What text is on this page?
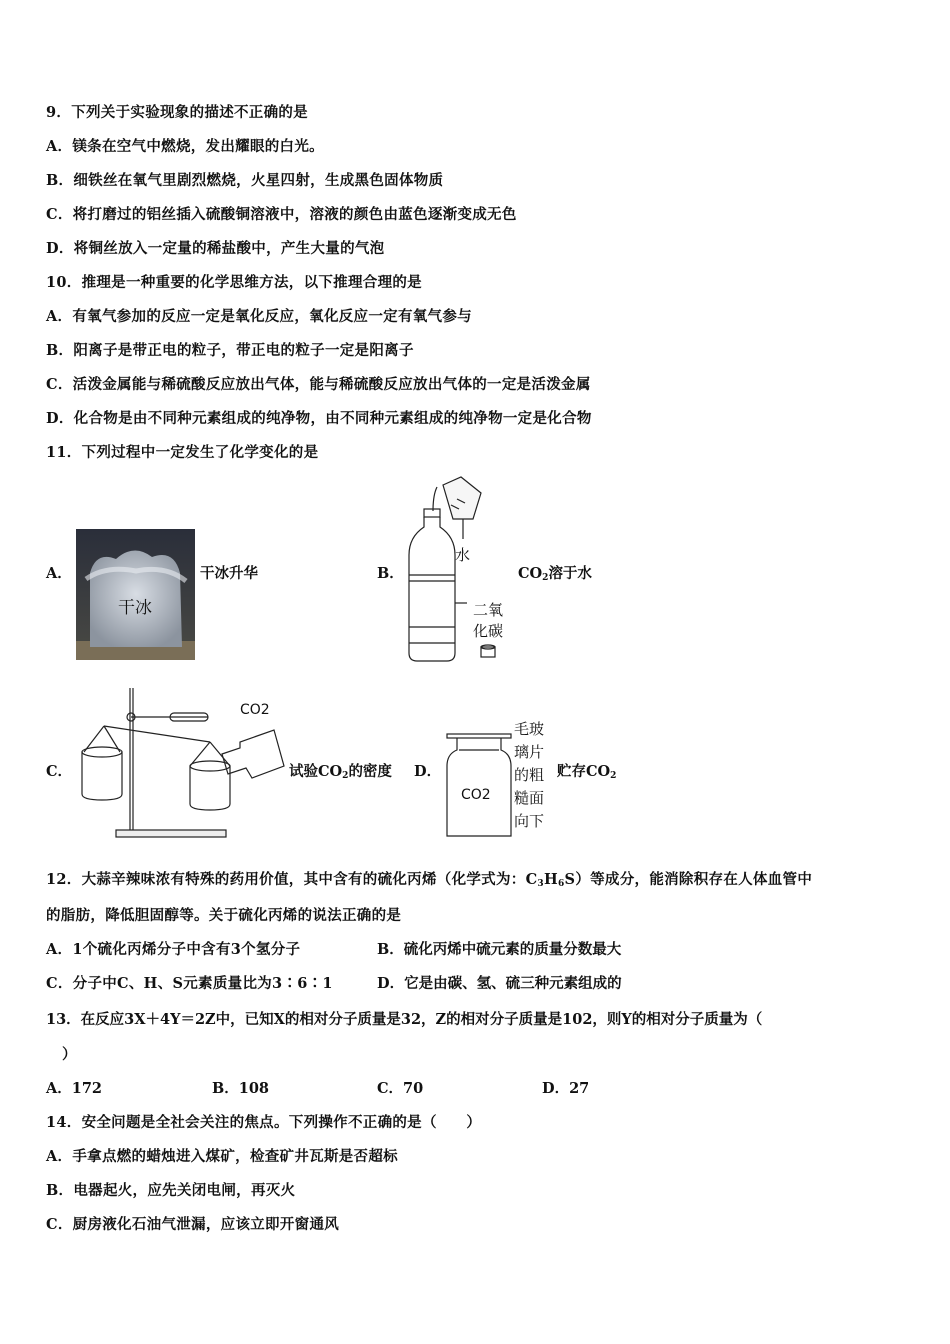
9．下列关于实验现象的描述不正确的是
A．镁条在空气中燃烧，发出耀眼的白光。
B．细铁丝在氧气里剧烈燃烧，火星四射，生成黑色固体物质
C．将打磨过的铝丝插入硫酸铜溶液中，溶液的颜色由蓝色逐渐变成无色
D．将铜丝放入一定量的稀盐酸中，产生大量的气泡
10．推理是一种重要的化学思维方法，以下推理合理的是
A．有氧气参加的反应一定是氧化反应，氧化反应一定有氧气参与
B．阳离子是带正电的粒子，带正电的粒子一定是阳离子
C．活泼金属能与稀硫酸反应放出气体，能与稀硫酸反应放出气体的一定是活泼金属
D．化合物是由不同种元素组成的纯净物，由不同种元素组成的纯净物一定是化合物
11．下列过程中一定发生了化学变化的是
A．
干冰
干冰升华	B．
水
二氧
化碳
$CO_2$溶于水
C．
CO2
试验$CO_2$的密度 D．
CO2
毛玻
璃片
的粗
糙面
向下
贮存$CO_2$
12．大蒜辛辣味浓有特殊的药用价值，其中含有的硫化丙烯（化学式为：$C_3H_6S$）等成分，能消除积存在人体血管中
的脂肪，降低胆固醇等。关于硫化丙烯的说法正确的是
A．1个硫化丙烯分子中含有3个氢分子	B．硫化丙烯中硫元素的质量分数最大
C．分子中C、H、S元素质量比为3∶6∶1	D．它是由碳、氢、硫三种元素组成的
13．在反应3X＋4Y＝2Z中，已知X的相对分子质量是32，Z的相对分子质量是102，则Y的相对分子质量为（
）
A．172	B．108	C．70	D．27
14．安全问题是全社会关注的焦点。下列操作不正确的是（　　）
A．手拿点燃的蜡烛进入煤矿，检查矿井瓦斯是否超标
B．电器起火，应先关闭电闸，再灭火
C．厨房液化石油气泄漏，应该立即开窗通风
